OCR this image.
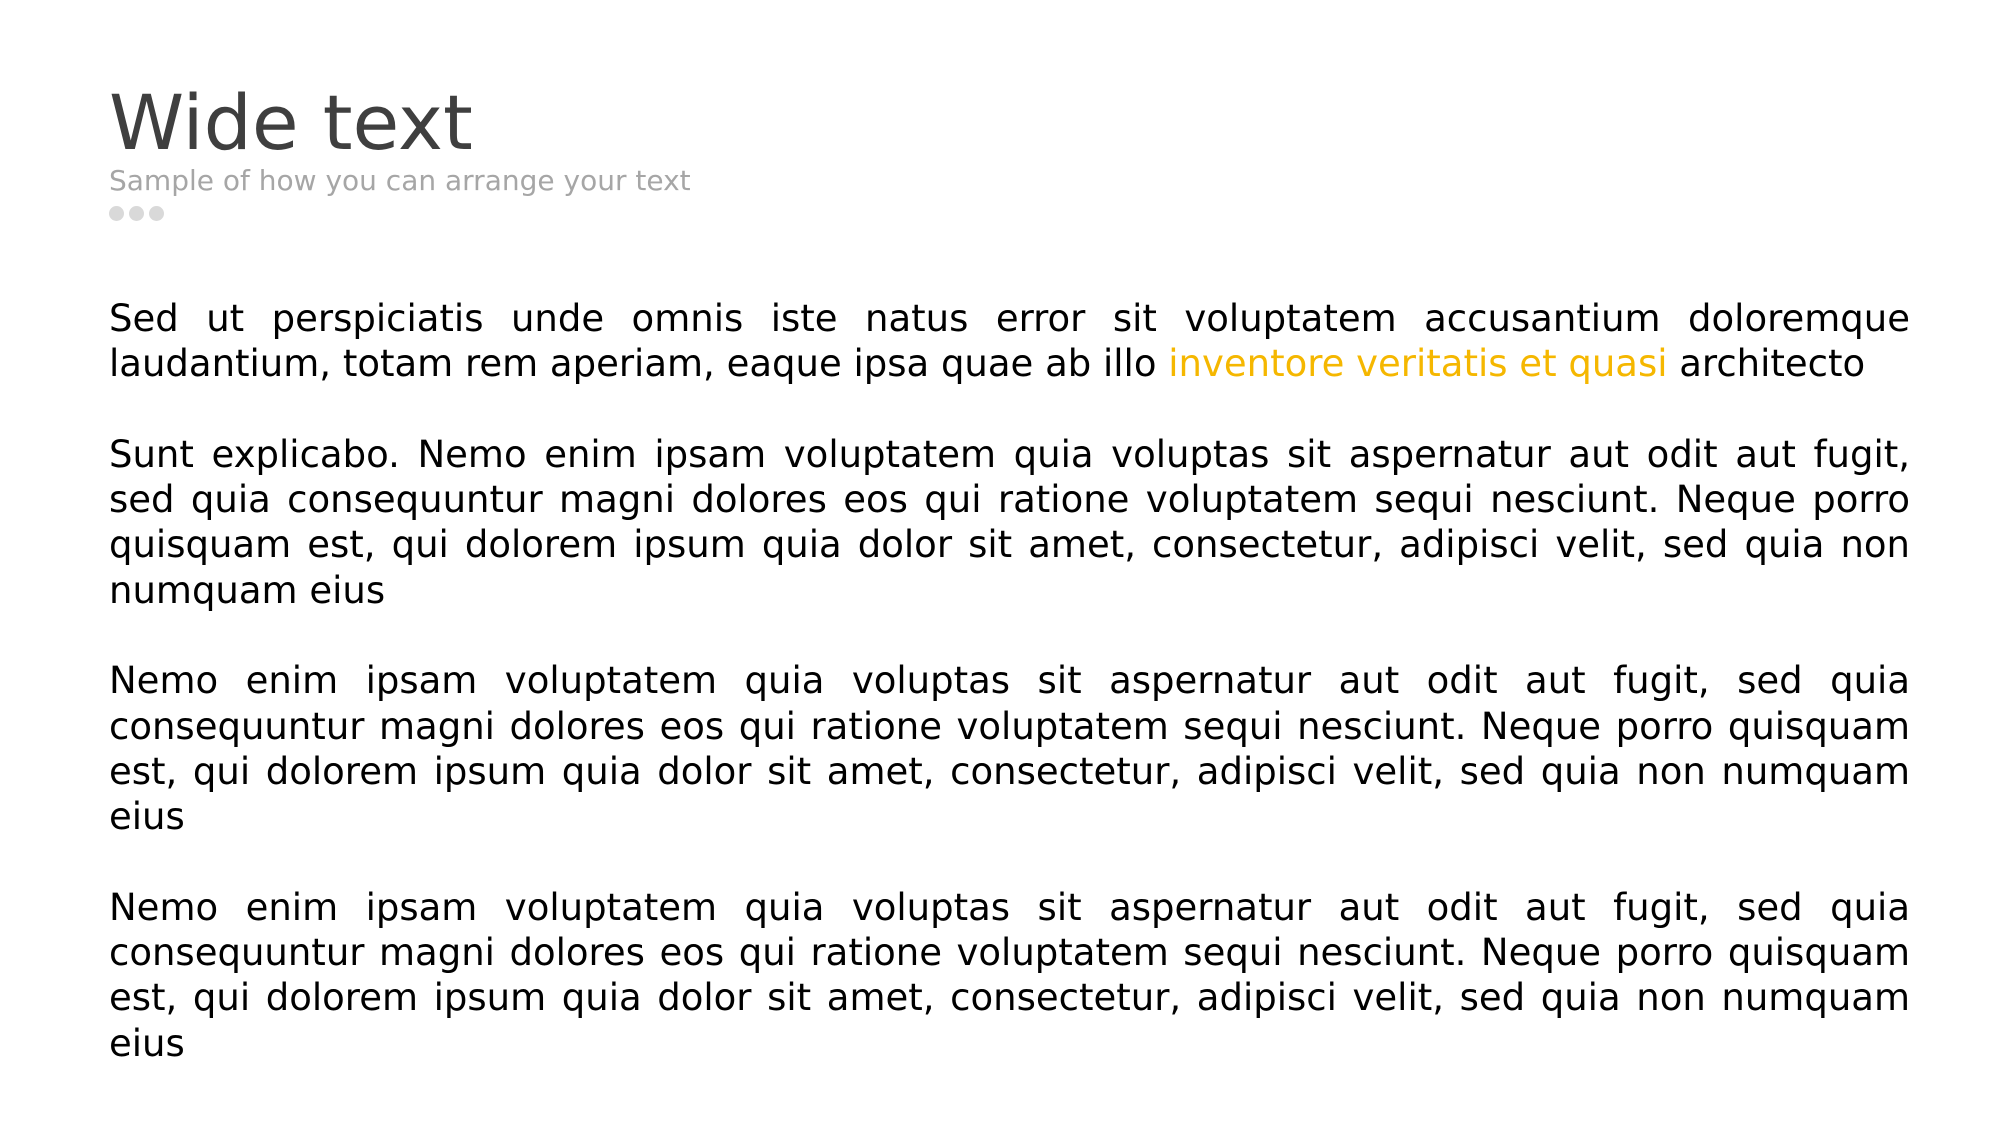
Wide text
Sample of how you can arrange your text

Sed ut perspiciatis unde omnis iste natus error sit voluptatem accusantium doloremque laudantium, totam rem aperiam, eaque ipsa quae ab illo inventore veritatis et quasi architecto

Sunt explicabo. Nemo enim ipsam voluptatem quia voluptas sit aspernatur aut odit aut fugit, sed quia consequuntur magni dolores eos qui ratione voluptatem sequi nesciunt. Neque porro quisquam est, qui dolorem ipsum quia dolor sit amet, consectetur, adipisci velit, sed quia non numquam eius

Nemo enim ipsam voluptatem quia voluptas sit aspernatur aut odit aut fugit, sed quia consequuntur magni dolores eos qui ratione voluptatem sequi nesciunt. Neque porro quisquam est, qui dolorem ipsum quia dolor sit amet, consectetur, adipisci velit, sed quia non numquam eius

Nemo enim ipsam voluptatem quia voluptas sit aspernatur aut odit aut fugit, sed quia consequuntur magni dolores eos qui ratione voluptatem sequi nesciunt. Neque porro quisquam est, qui dolorem ipsum quia dolor sit amet, consectetur, adipisci velit, sed quia non numquam eius
